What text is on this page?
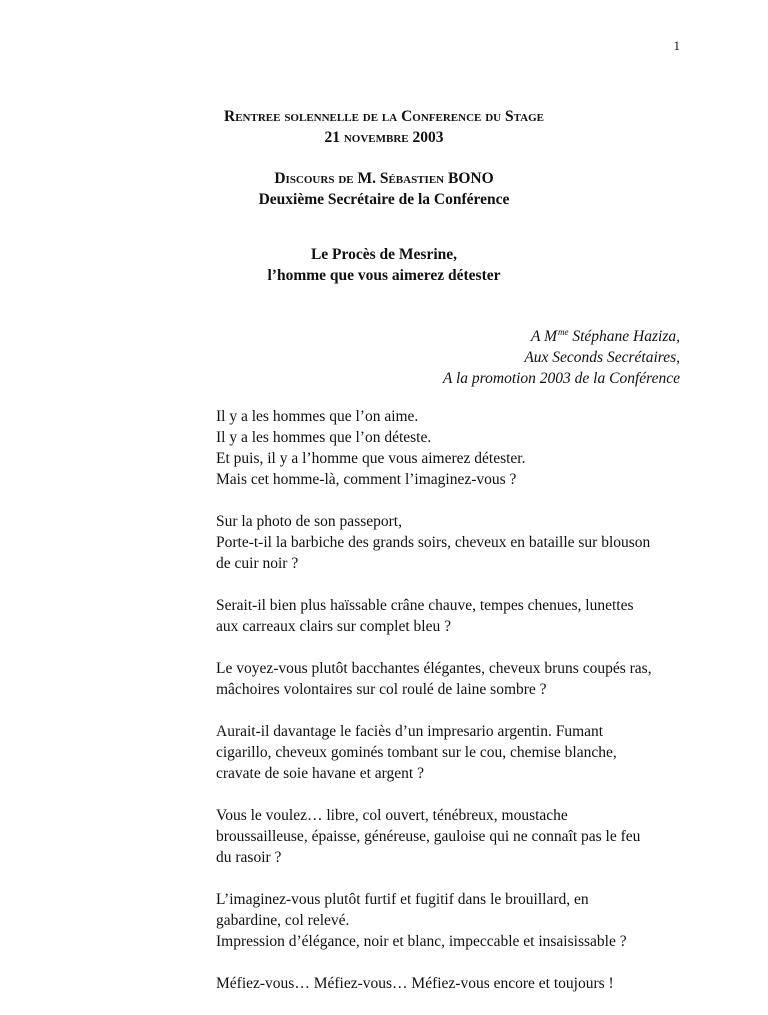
1
Rentree solennelle de la Conference du Stage
21 novembre 2003
Discours de M. Sébastien BONO
Deuxième Secrétaire de la Conférence
Le Procès de Mesrine,
l’homme que vous aimerez détester
A $M^{me}$ Stéphane Haziza,
Aux Seconds Secrétaires,
A la promotion 2003 de la Conférence
Il y a les hommes que l’on aime.
Il y a les hommes que l’on déteste.
Et puis, il y a l’homme que vous aimerez détester.
Mais cet homme-là, comment l’imaginez-vous ?
Sur la photo de son passeport,
Porte-t-il la barbiche des grands soirs, cheveux en bataille sur blouson
de cuir noir ?
Serait-il bien plus haïssable crâne chauve, tempes chenues, lunettes
aux carreaux clairs sur complet bleu ?
Le voyez-vous plutôt bacchantes élégantes, cheveux bruns coupés ras,
mâchoires volontaires sur col roulé de laine sombre ?
Aurait-il davantage le faciès d’un impresario argentin. Fumant
cigarillo, cheveux gominés tombant sur le cou, chemise blanche,
cravate de soie havane et argent ?
Vous le voulez… libre, col ouvert, ténébreux, moustache
broussailleuse, épaisse, généreuse, gauloise qui ne connaît pas le feu
du rasoir ?
L’imaginez-vous plutôt furtif et fugitif dans le brouillard, en
gabardine, col relevé.
Impression d’élégance, noir et blanc, impeccable et insaisissable ?
Méfiez-vous… Méfiez-vous… Méfiez-vous encore et toujours !
